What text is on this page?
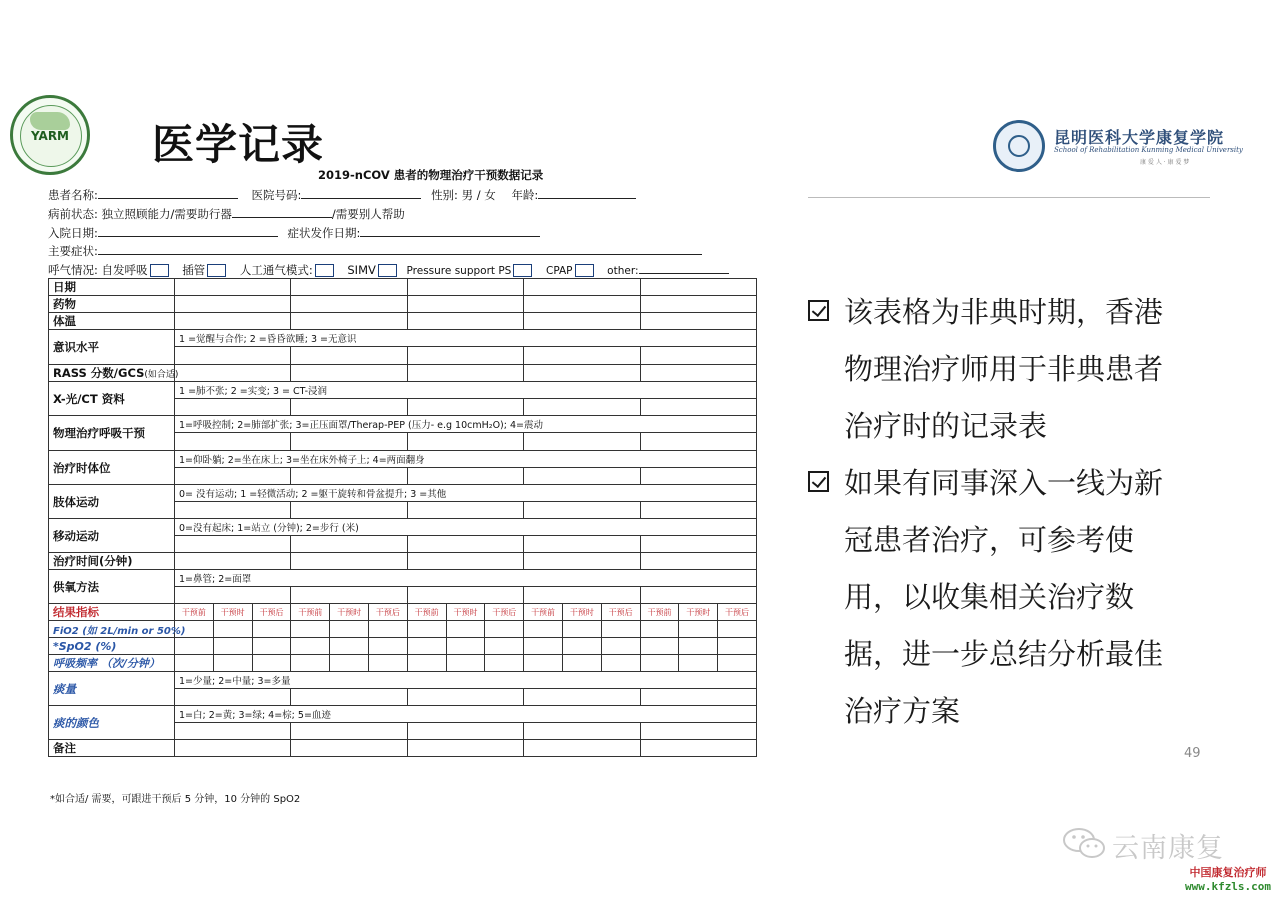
YARM	医学记录	昆明医科大学康复学院
School of Rehabilitation Kunming Medical University
康 爱 人 · 康 爱 梦
2019-nCOV 患者的物理治疗干预数据记录
患者名称:	医院号码:	性别: 男 / 女 年龄:
病前状态: 独立照顾能力/需要助行器	/需要别人帮助
入院日期:	症状发作日期:
主要症状:
呼气情况: 自发呼吸	插管	人工通气模式:	SIMV	Pressure support PS	CPAP	other:
日期															
药物															
体温															
意识水平	1 =觉醒与合作; 2 =昏昏欲睡; 3 =无意识														

RASS 分数/GCS(如合适)															
X-光/CT 资料	1 =肺不张; 2 =实变; 3 = CT-浸润														

物理治疗呼吸干预	1=呼吸控制; 2=肺部扩张; 3=正压面罩/Therap-PEP (压力- e.g 10cmH₂O); 4=震动														

治疗时体位	1=仰卧躺; 2=坐在床上; 3=坐在床外椅子上; 4=两面翻身														

肢体运动	0= 没有运动; 1 =轻微活动; 2 =躯干旋转和骨盆提升; 3 =其他														

移动运动	0=没有起床; 1=站立 (分钟); 2=步行 (米)														

治疗时间(分钟)															
供氧方法	1=鼻管; 2=面罩														

结果指标	干预前	干预时	干预后	干预前	干预时	干预后	干预前	干预时	干预后	干预前	干预时	干预后	干预前	干预时	干预后
FiO2 (如 2L/min or 50%)															
*SpO2 (%)															
呼吸频率 （次/分钟）															
痰量	1=少量; 2=中量; 3=多量														

痰的颜色	1=白; 2=黄; 3=绿; 4=棕; 5=血迹														

备注															
*如合适/ 需要，可跟进干预后 5 分钟，10 分钟的 SpO2
该表格为非典时期，香港物理治疗师用于非典患者治疗时的记录表
如果有同事深入一线为新冠患者治疗，可参考使用，以收集相关治疗数据，进一步总结分析最佳治疗方案
49
云南康复
中国康复治疗师
www.kfzls.com
